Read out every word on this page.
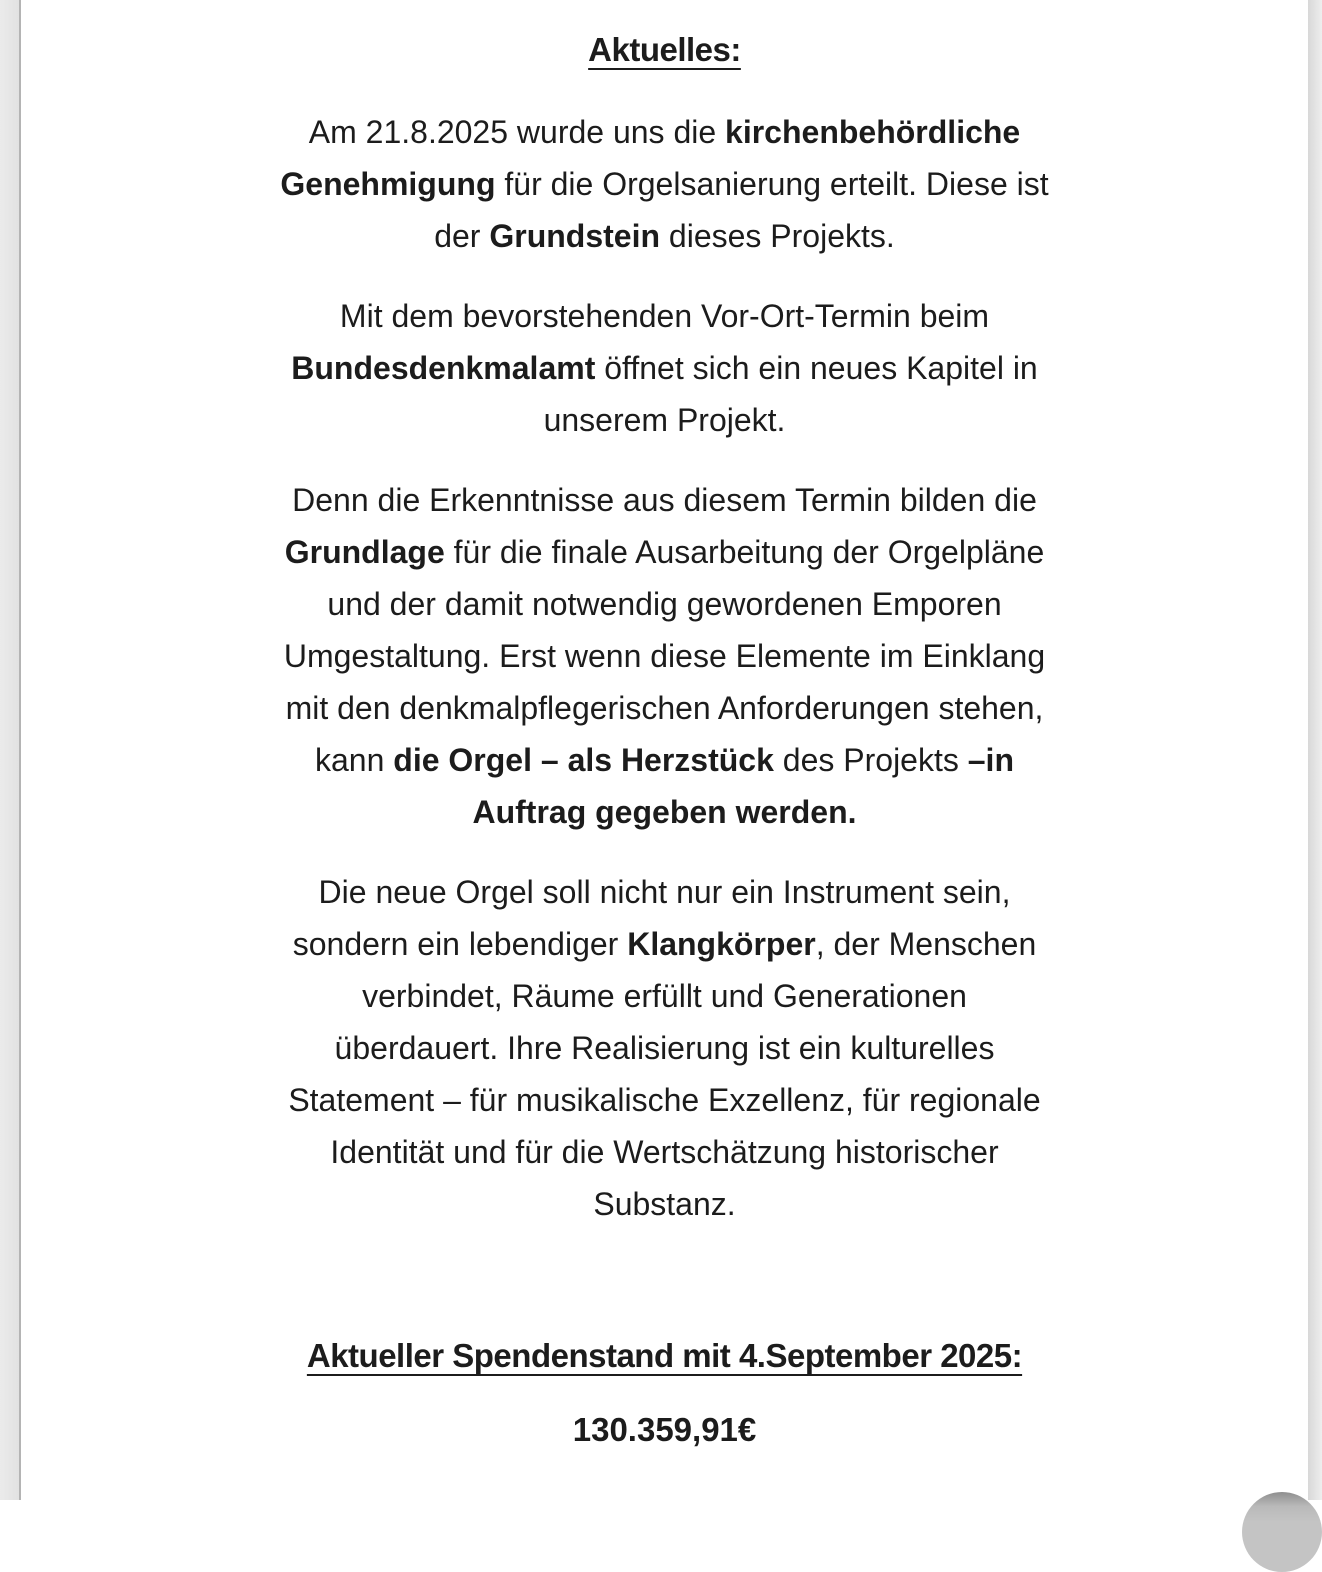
Aktuelles:

Am 21.8.2025 wurde uns die kirchenbehördliche
Genehmigung für die Orgelsanierung erteilt. Diese ist
der Grundstein dieses Projekts.

Mit dem bevorstehenden Vor-Ort-Termin beim
Bundesdenkmalamt öffnet sich ein neues Kapitel in
unserem Projekt.

Denn die Erkenntnisse aus diesem Termin bilden die
Grundlage für die finale Ausarbeitung der Orgelpläne
und der damit notwendig gewordenen Emporen
Umgestaltung. Erst wenn diese Elemente im Einklang
mit den denkmalpflegerischen Anforderungen stehen,
kann die Orgel – als Herzstück des Projekts –in
Auftrag gegeben werden.

Die neue Orgel soll nicht nur ein Instrument sein,
sondern ein lebendiger Klangkörper, der Menschen
verbindet, Räume erfüllt und Generationen
überdauert. Ihre Realisierung ist ein kulturelles
Statement – für musikalische Exzellenz, für regionale
Identität und für die Wertschätzung historischer
Substanz.

Aktueller Spendenstand mit 4.September 2025:

130.359,91€
